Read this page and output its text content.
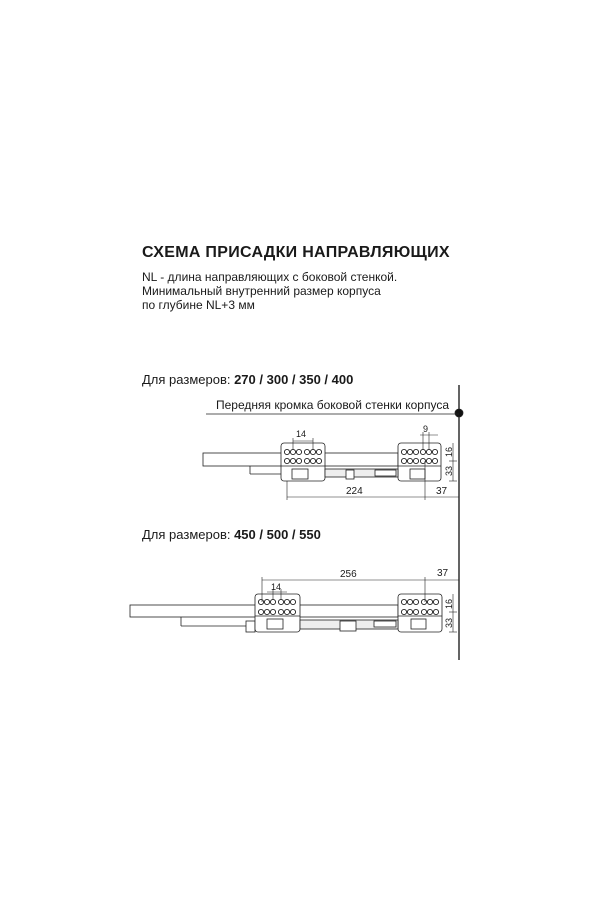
СХЕМА ПРИСАДКИ НАПРАВЛЯЮЩИХ
NL - длина направляющих с боковой стенкой.
Минимальный внутренний размер корпуса
по глубине NL+3 мм
Для размеров: 270 / 300 / 350 / 400
Для размеров: 450 / 500 / 550
Передняя кромка боковой стенки корпуса
14	9
16
33
224	37
256	37
14
16
33
